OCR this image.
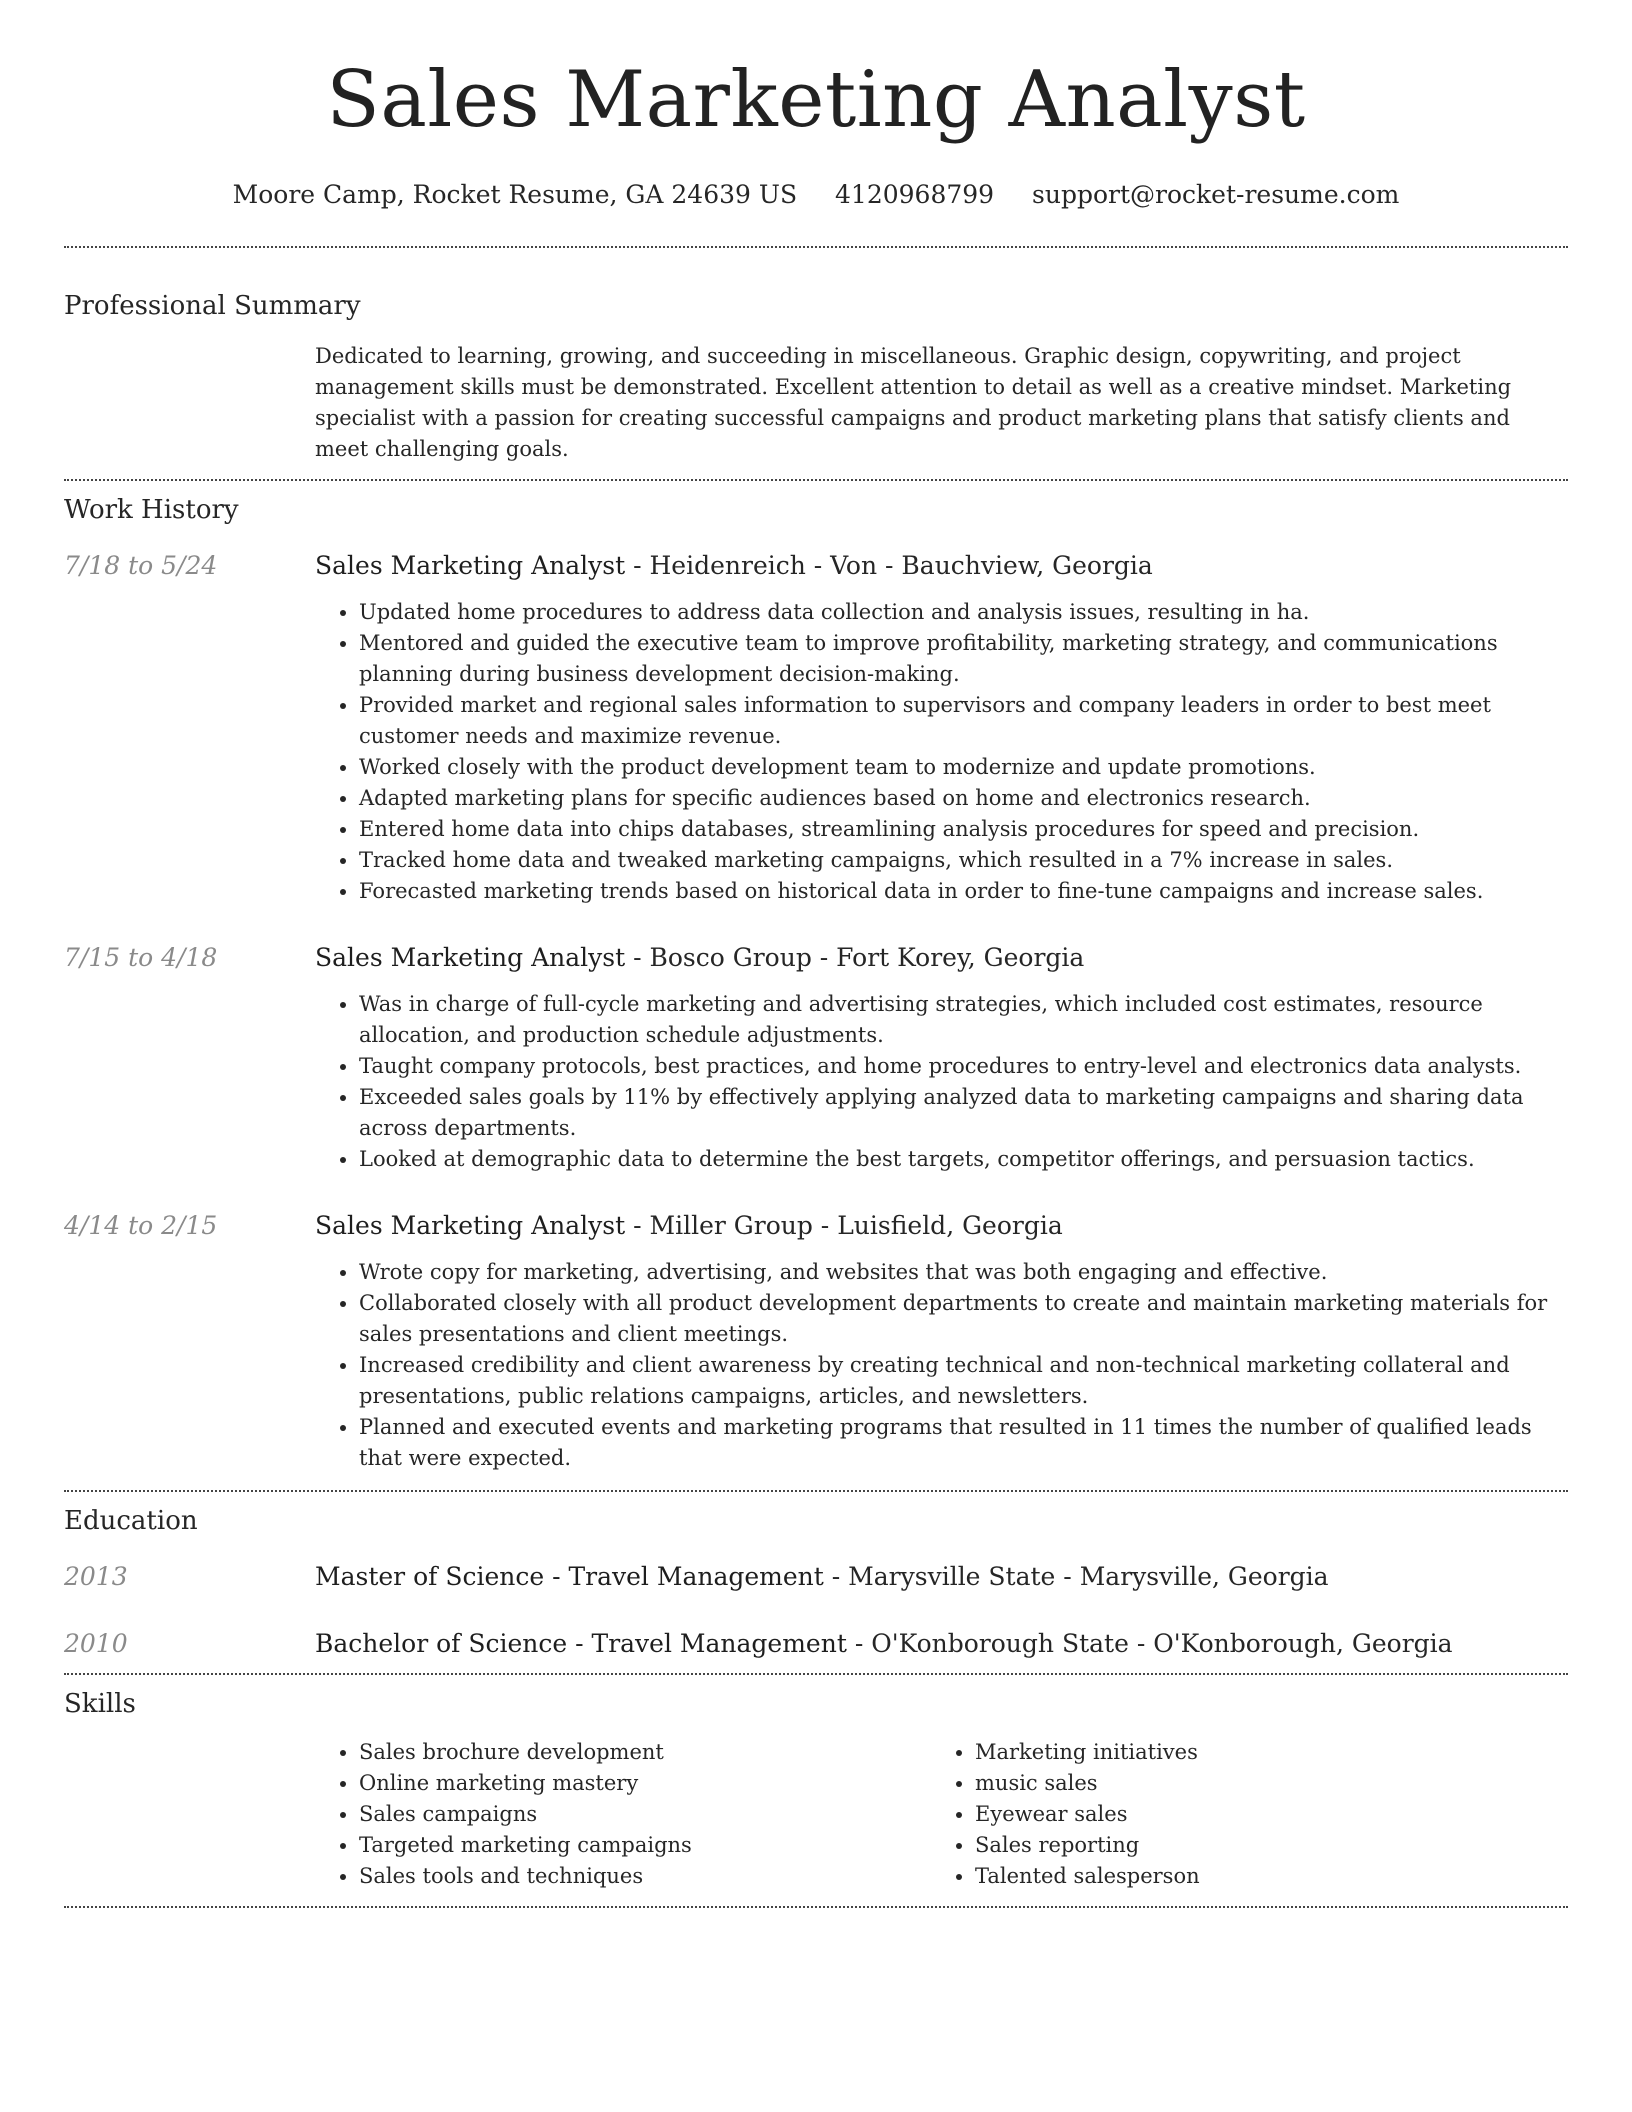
Sales Marketing Analyst
Moore Camp, Rocket Resume, GA 24639 US 4120968799 support@rocket-resume.com
Professional Summary
Dedicated to learning, growing, and succeeding in miscellaneous. Graphic design, copywriting, and project management skills must be demonstrated. Excellent attention to detail as well as a creative mindset. Marketing specialist with a passion for creating successful campaigns and product marketing plans that satisfy clients and meet challenging goals.
Work History
7/18 to 5/24	Sales Marketing Analyst - Heidenreich - Von - Bauchview, Georgia
• Updated home procedures to address data collection and analysis issues, resulting in ha.
• Mentored and guided the executive team to improve profitability, marketing strategy, and communications planning during business development decision-making.
• Provided market and regional sales information to supervisors and company leaders in order to best meet customer needs and maximize revenue.
• Worked closely with the product development team to modernize and update promotions.
• Adapted marketing plans for specific audiences based on home and electronics research.
• Entered home data into chips databases, streamlining analysis procedures for speed and precision.
• Tracked home data and tweaked marketing campaigns, which resulted in a 7% increase in sales.
• Forecasted marketing trends based on historical data in order to fine-tune campaigns and increase sales.
7/15 to 4/18	Sales Marketing Analyst - Bosco Group - Fort Korey, Georgia
• Was in charge of full-cycle marketing and advertising strategies, which included cost estimates, resource allocation, and production schedule adjustments.
• Taught company protocols, best practices, and home procedures to entry-level and electronics data analysts.
• Exceeded sales goals by 11% by effectively applying analyzed data to marketing campaigns and sharing data across departments.
• Looked at demographic data to determine the best targets, competitor offerings, and persuasion tactics.
4/14 to 2/15	Sales Marketing Analyst - Miller Group - Luisfield, Georgia
• Wrote copy for marketing, advertising, and websites that was both engaging and effective.
• Collaborated closely with all product development departments to create and maintain marketing materials for sales presentations and client meetings.
• Increased credibility and client awareness by creating technical and non-technical marketing collateral and presentations, public relations campaigns, articles, and newsletters.
• Planned and executed events and marketing programs that resulted in 11 times the number of qualified leads that were expected.
Education
2013	Master of Science - Travel Management - Marysville State - Marysville, Georgia
2010	Bachelor of Science - Travel Management - O'Konborough State - O'Konborough, Georgia
Skills
• Sales brochure development
• Online marketing mastery
• Sales campaigns
• Targeted marketing campaigns
• Sales tools and techniques
• Marketing initiatives
• music sales
• Eyewear sales
• Sales reporting
• Talented salesperson
